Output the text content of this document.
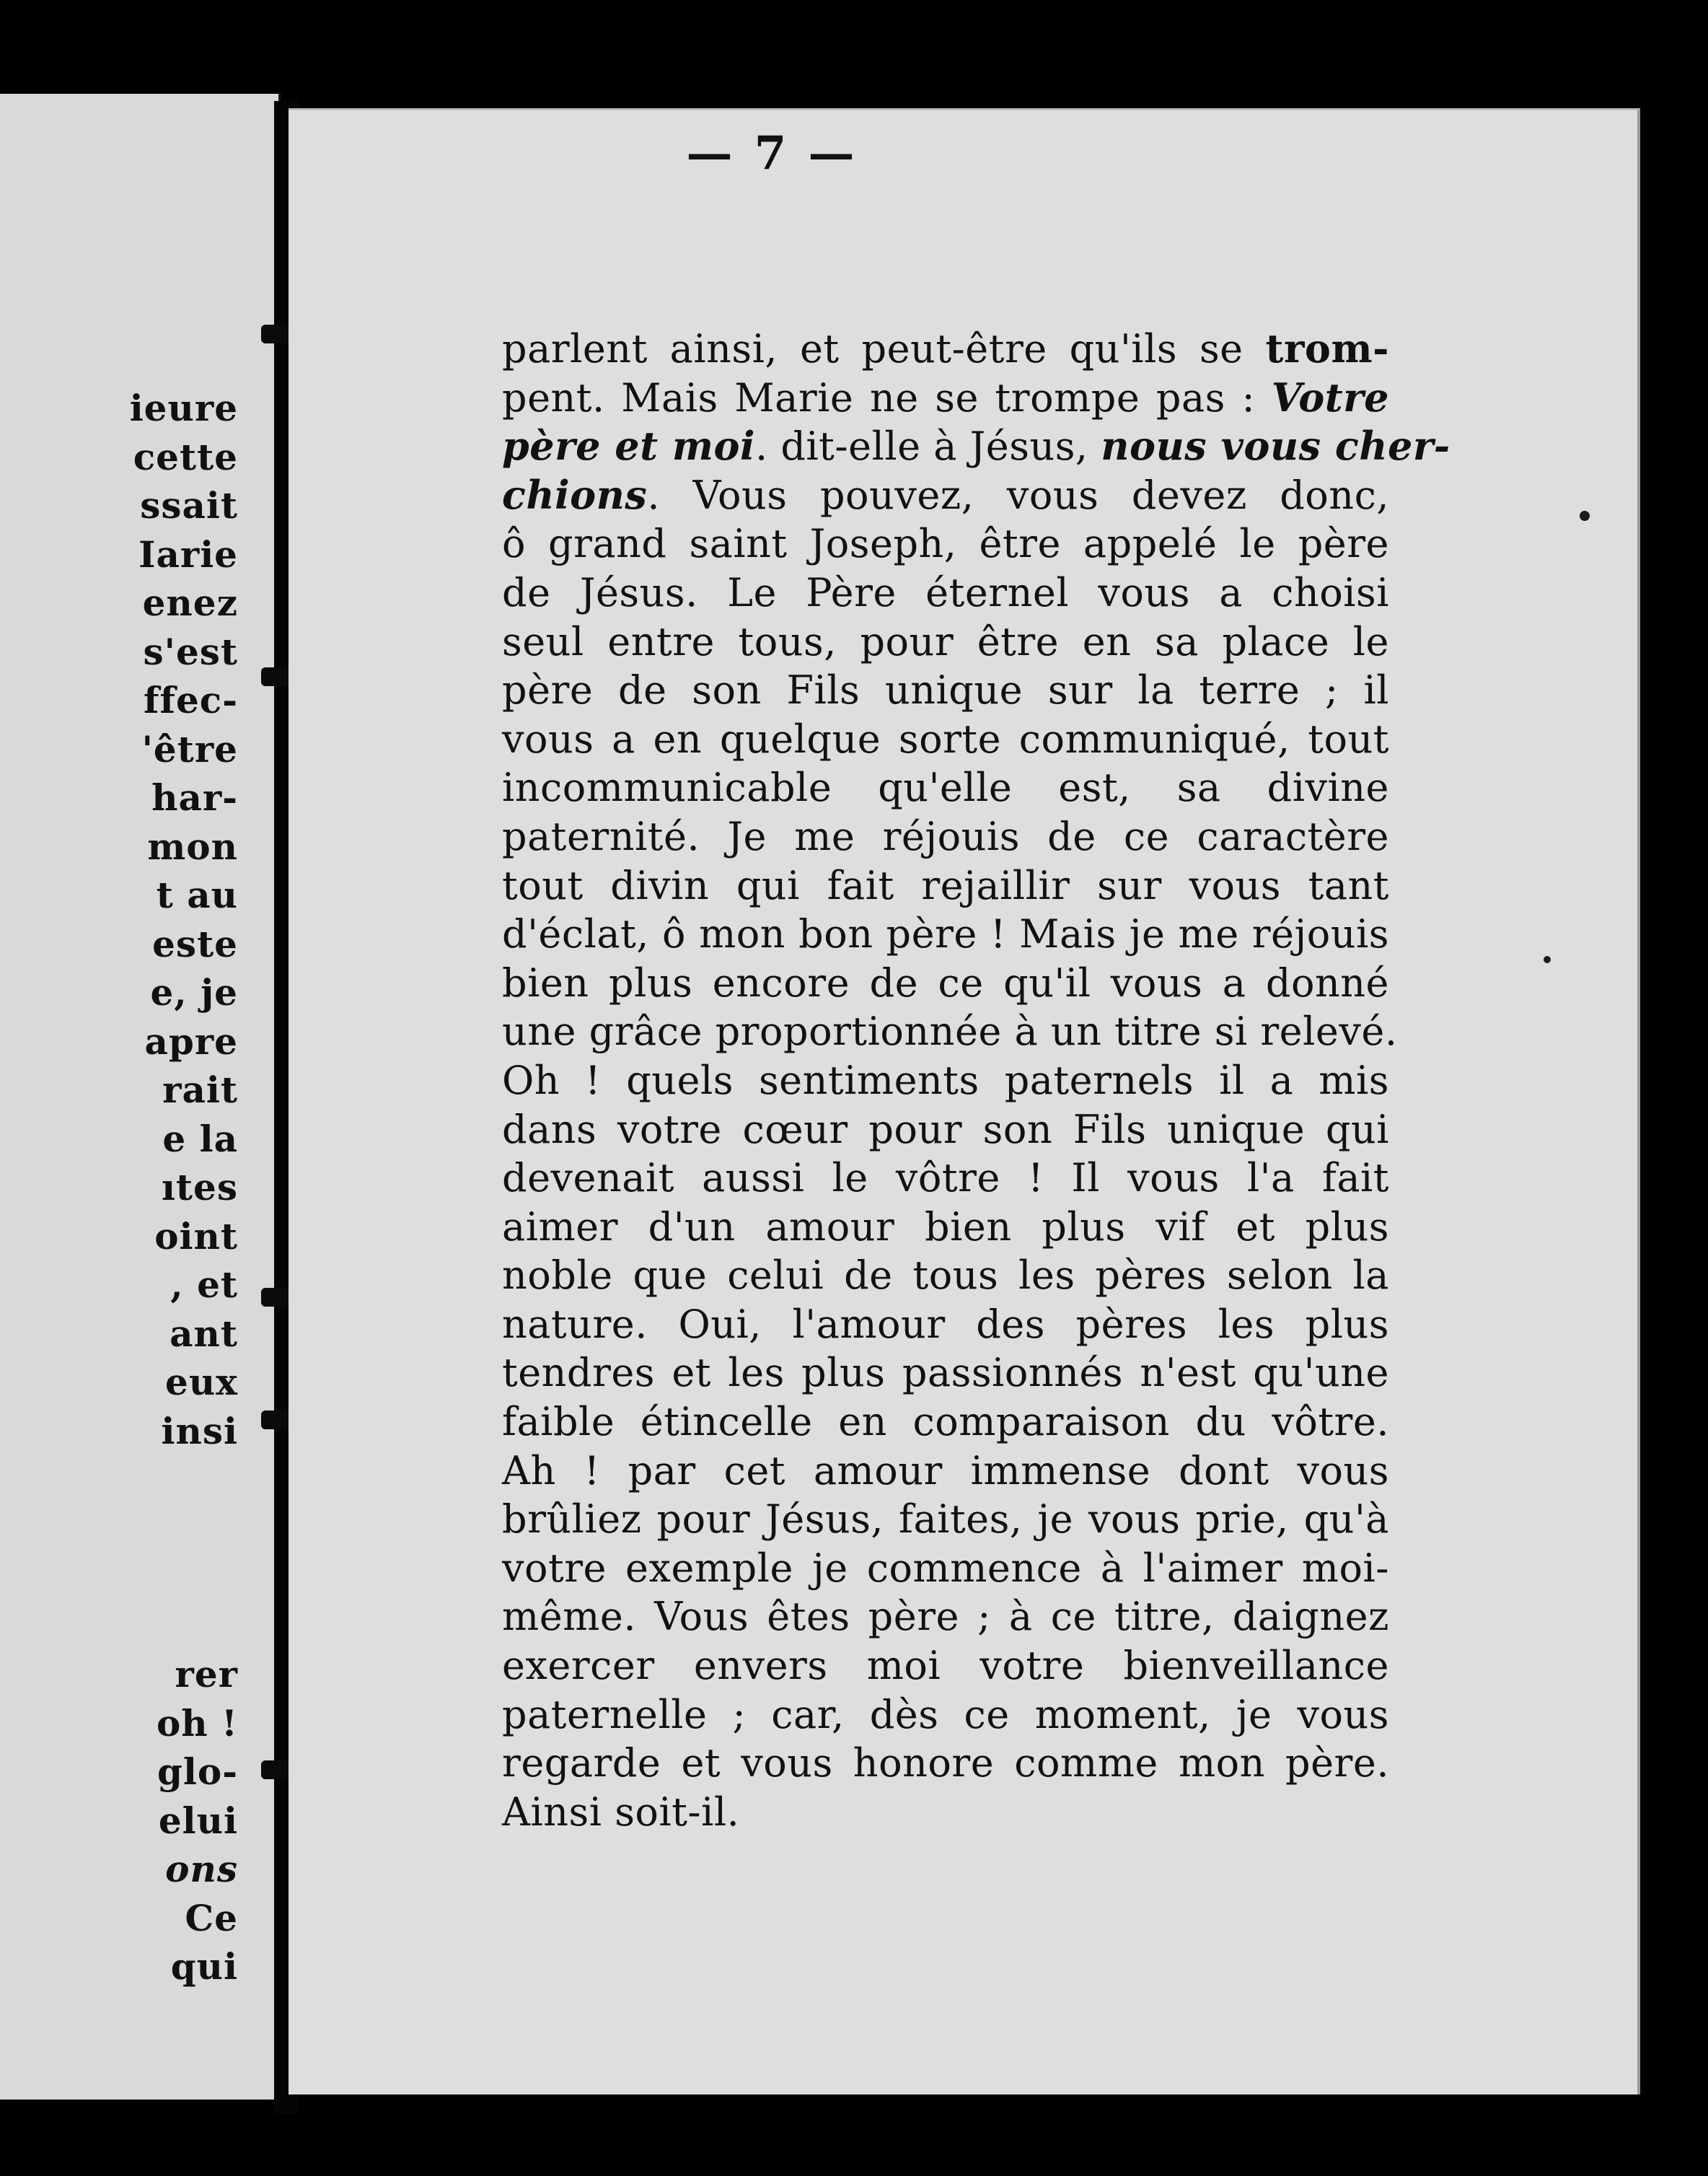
ieure
cette
ssait
Iarie
enez
s'est
ffec-
'être
har-
mon
t au
este
e, je
apre
rait
e la
ıtes
oint
, et
ant
eux
insi
rer
oh !
glo-
elui
ons
Ce
qui
— 7 —
parlent ainsi, et peut-être qu'ils se trom-
pent. Mais Marie ne se trompe pas : Votre
père et moi. dit-elle à Jésus, nous vous cher-
chions. Vous pouvez, vous devez donc,
ô grand saint Joseph, être appelé le père
de Jésus. Le Père éternel vous a choisi
seul entre tous, pour être en sa place le
père de son Fils unique sur la terre ; il
vous a en quelque sorte communiqué, tout
incommunicable qu'elle est, sa divine
paternité. Je me réjouis de ce caractère
tout divin qui fait rejaillir sur vous tant
d'éclat, ô mon bon père ! Mais je me réjouis
bien plus encore de ce qu'il vous a donné
une grâce proportionnée à un titre si relevé.
Oh ! quels sentiments paternels il a mis
dans votre cœur pour son Fils unique qui
devenait aussi le vôtre ! Il vous l'a fait
aimer d'un amour bien plus vif et plus
noble que celui de tous les pères selon la
nature. Oui, l'amour des pères les plus
tendres et les plus passionnés n'est qu'une
faible étincelle en comparaison du vôtre.
Ah ! par cet amour immense dont vous
brûliez pour Jésus, faites, je vous prie, qu'à
votre exemple je commence à l'aimer moi-
même. Vous êtes père ; à ce titre, daignez
exercer envers moi votre bienveillance
paternelle ; car, dès ce moment, je vous
regarde et vous honore comme mon père.
Ainsi soit-il.
